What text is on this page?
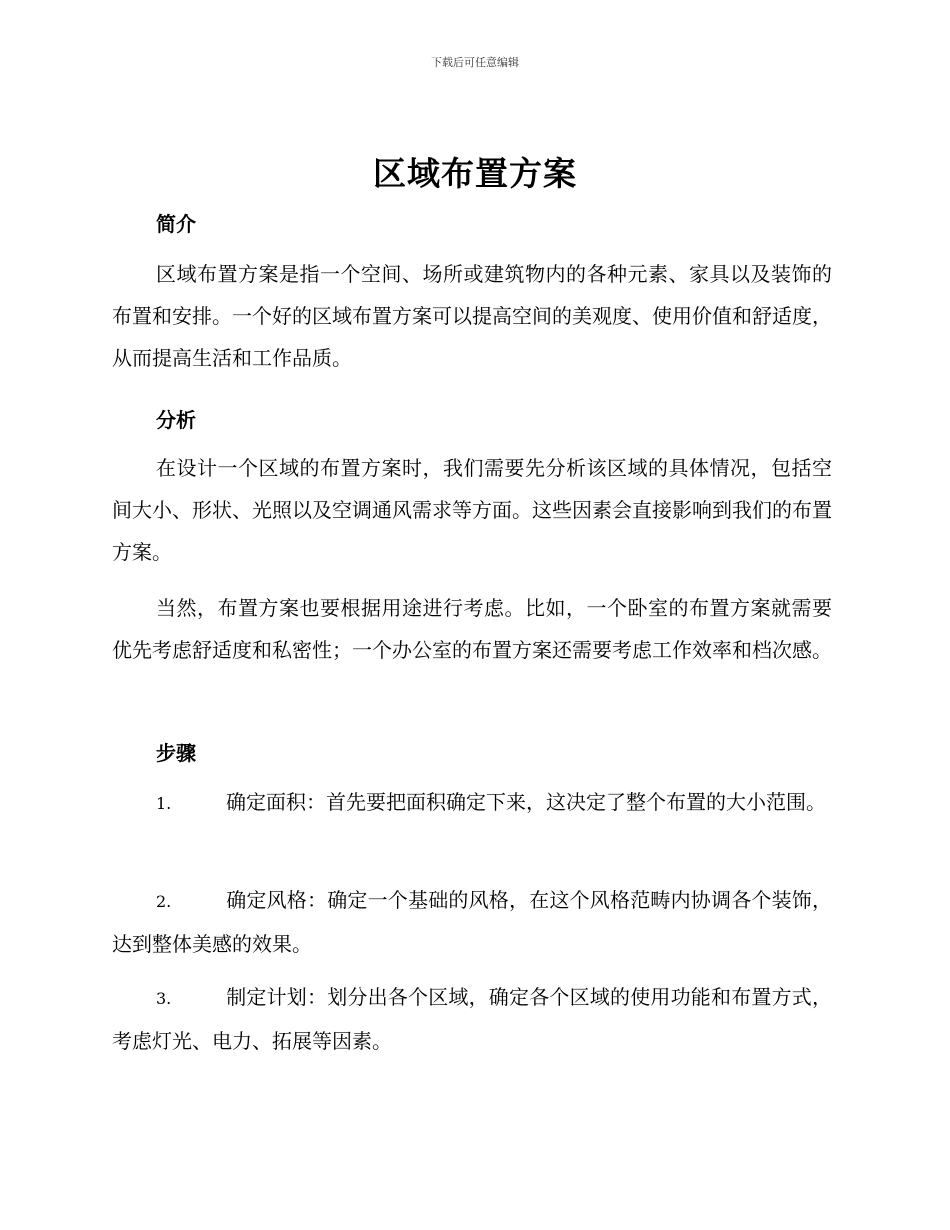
下载后可任意编辑
区域布置方案
简介

区域布置方案是指一个空间、场所或建筑物内的各种元素、家具以及装饰的布置和安排。一个好的区域布置方案可以提高空间的美观度、使用价值和舒适度，从而提高生活和工作品质。

分析

在设计一个区域的布置方案时，我们需要先分析该区域的具体情况，包括空间大小、形状、光照以及空调通风需求等方面。这些因素会直接影响到我们的布置方案。

当然，布置方案也要根据用途进行考虑。比如，一个卧室的布置方案就需要优先考虑舒适度和私密性；一个办公室的布置方案还需要考虑工作效率和档次感。

步骤

1.	确定面积：首先要把面积确定下来，这决定了整个布置的大小范围。

2.	确定风格：确定一个基础的风格，在这个风格范畴内协调各个装饰，达到整体美感的效果。

3.	制定计划：划分出各个区域，确定各个区域的使用功能和布置方式，考虑灯光、电力、拓展等因素。
